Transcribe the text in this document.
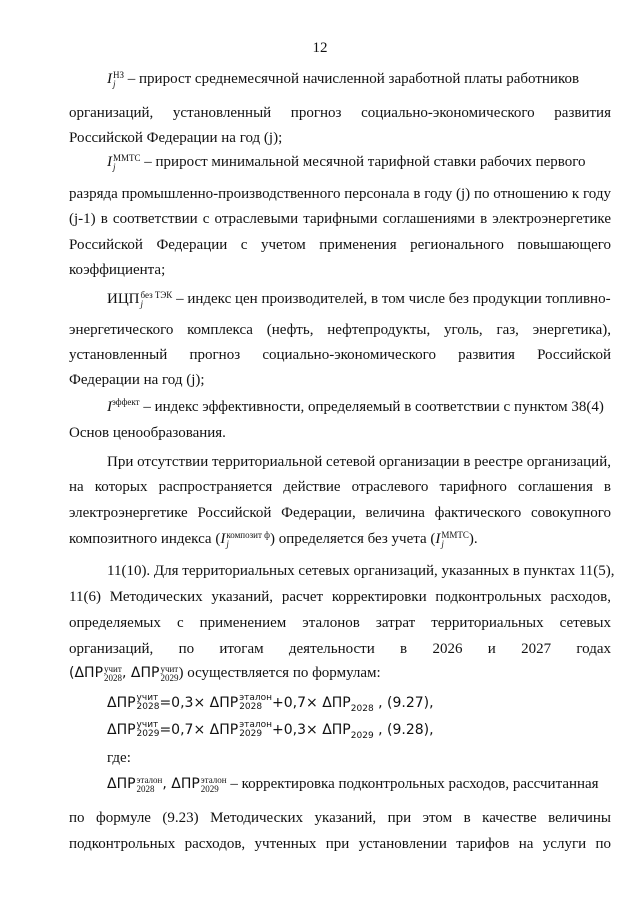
12
I НЗ
j – прирост среднемесячной начисленной заработной платы работников
организаций, установленный прогноз социально-экономического развития
Российской Федерации на год (j);
I ММТС
j	– прирост минимальной месячной тарифной ставки рабочих первого
разряда промышленно-производственного персонала в году (j) по отношению к году
(j-1) в соответствии с отраслевыми тарифными соглашениями в электроэнергетике
Российской Федерации с учетом применения регионального повышающего
коэффициента;
ИЦП без ТЭК
j	– индекс цен производителей, в том числе без продукции топливно-
энергетического комплекса (нефть, нефтепродукты, уголь, газ, энергетика),
установленный прогноз социально-экономического развития Российской
Федерации на год (j);
$I^{эффект}$ – индекс эффективности, определяемый в соответствии с пунктом 38(4)
Основ ценообразования.
При отсутствии территориальной сетевой организации в реестре организаций,
на которых распространяется действие отраслевого тарифного соглашения в
электроэнергетике Российской Федерации, величина фактического совокупного
композитного индекса (I композит ф
j	) определяется без учета (I ММТС
j	).
11(10). Для территориальных сетевых организаций, указанных в пунктах 11(5),
11(6) Методических указаний, расчет корректировки подконтрольных расходов,
определяемых с применением эталонов затрат территориальных сетевых
организаций, по итогам деятельности в 2026 и 2027 годах
(ΔПР учит
2028 , ΔПР учит
2029 ) осуществляется по формулам:
ΔПР учит
2028 =0,3× ΔПР эталон
$2028 +0,7\times \Delta ПР_{2028}$ , (9.27),
ΔПР учит
2029 =0,7× ΔПР эталон
$2029 +0,3\times \Delta ПР_{2029}$ , (9.28),
где:
ΔПР эталон
2028 , ΔПР эталон
2029 – корректировка подконтрольных расходов, рассчитанная
по формуле (9.23) Методических указаний, при этом в качестве величины
подконтрольных расходов, учтенных при установлении тарифов на услуги по
